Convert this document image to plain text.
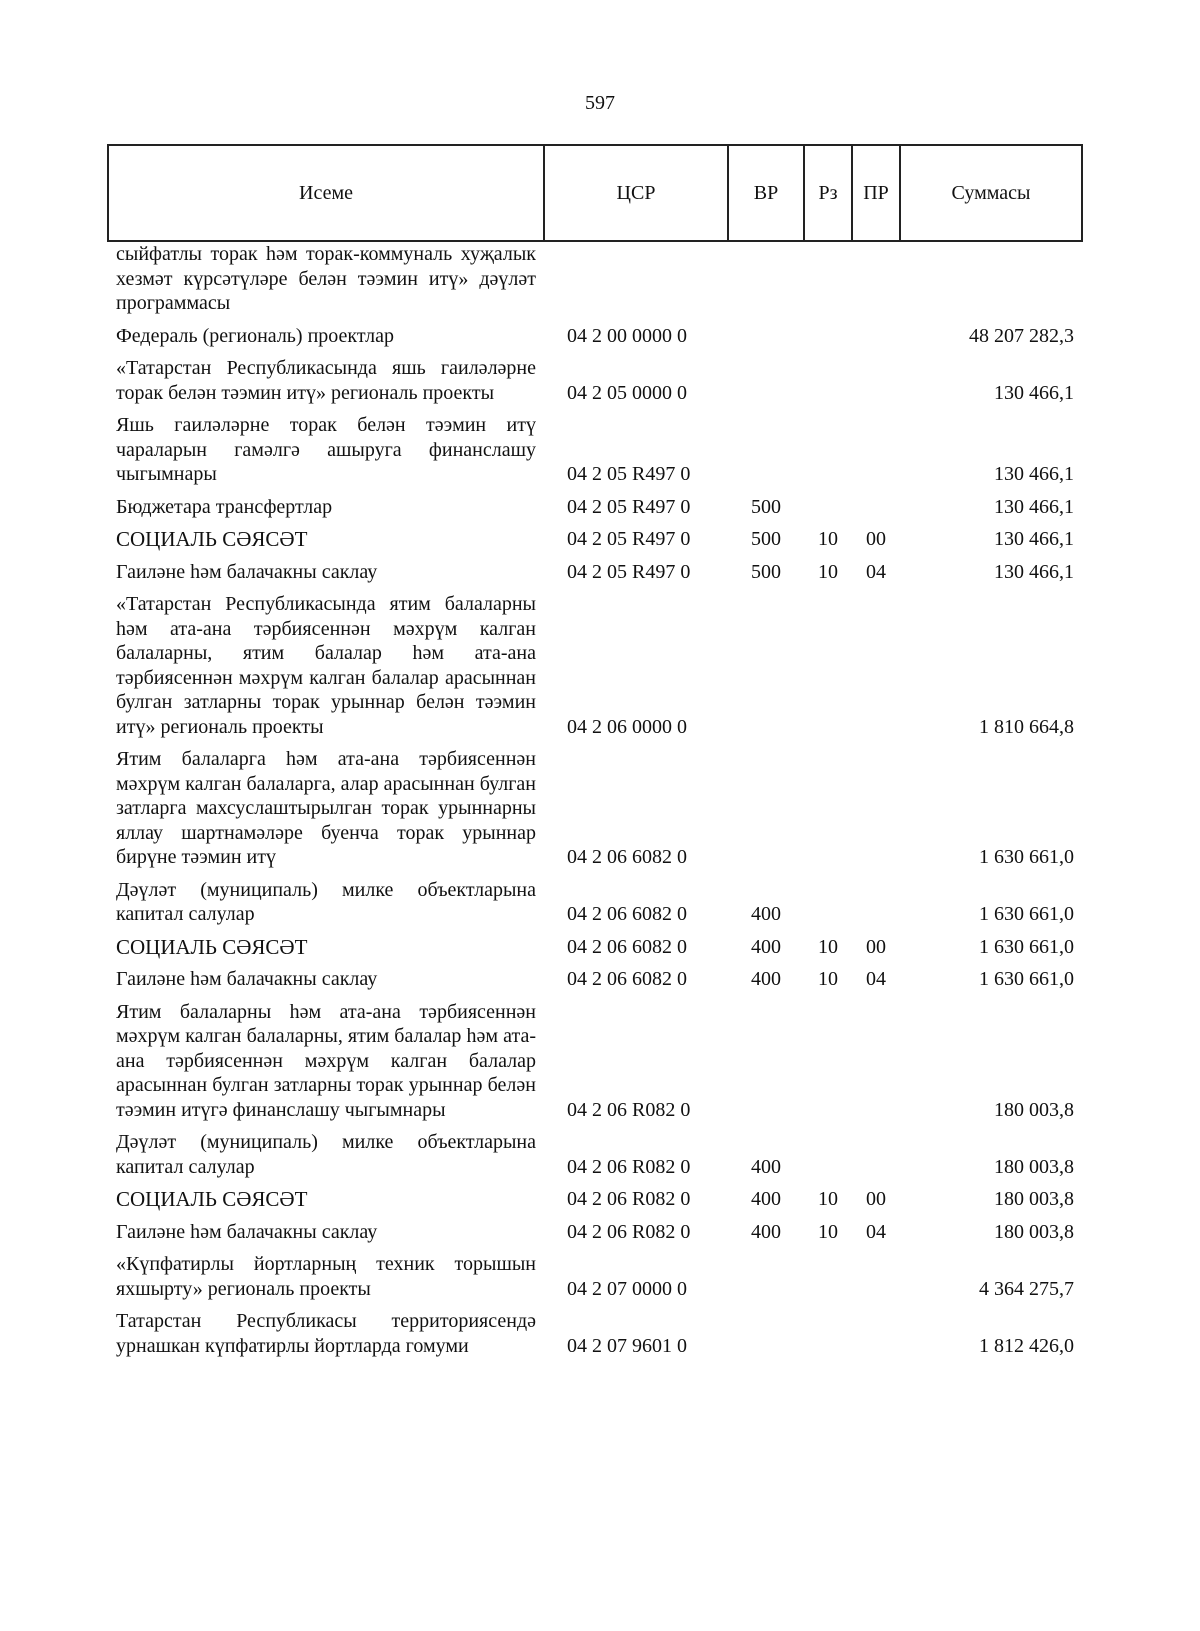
597
Исеме	ЦСР	ВР	Рз	ПР	Суммасы
сыйфатлы торак һәм торак-коммуналь хуҗалык хезмәт күрсәтүләре белән тәэмин итү» дәүләт программасы					
Федераль (региональ) проектлар	04 2 00 0000 0				48 207 282,3
«Татарстан Республикасында яшь гаиләләрне торак белән тәэмин итү» региональ проекты	04 2 05 0000 0				130 466,1
Яшь гаиләләрне торак белән тәэмин итү чараларын гамәлгә ашыруга финанслашу чыгымнары	04 2 05 R497 0				130 466,1
Бюджетара трансфертлар	04 2 05 R497 0	500			130 466,1
СОЦИАЛЬ СӘЯСӘТ	04 2 05 R497 0	500	10	00	130 466,1
Гаиләне һәм балачакны саклау	04 2 05 R497 0	500	10	04	130 466,1
«Татарстан Республикасында ятим балаларны һәм ата-ана тәрбиясеннән мәхрүм калган балаларны, ятим балалар һәм ата-ана тәрбиясеннән мәхрүм калган балалар арасыннан булган затларны торак урыннар белән тәэмин итү» региональ проекты	04 2 06 0000 0				1 810 664,8
Ятим балаларга һәм ата-ана тәрбиясеннән мәхрүм калган балаларга, алар арасыннан булган затларга махсуслаштырылган торак урыннарны яллау шартнамәләре буенча торак урыннар бирүне тәэмин итү	04 2 06 6082 0				1 630 661,0
Дәүләт (муниципаль) милке объектларына капитал салулар	04 2 06 6082 0	400			1 630 661,0
СОЦИАЛЬ СӘЯСӘТ	04 2 06 6082 0	400	10	00	1 630 661,0
Гаиләне һәм балачакны саклау	04 2 06 6082 0	400	10	04	1 630 661,0
Ятим балаларны һәм ата-ана тәрбиясеннән мәхрүм калган балаларны, ятим балалар һәм ата-ана тәрбиясеннән мәхрүм калган балалар арасыннан булган затларны торак урыннар белән тәэмин итүгә финанслашу чыгымнары	04 2 06 R082 0				180 003,8
Дәүләт (муниципаль) милке объектларына капитал салулар	04 2 06 R082 0	400			180 003,8
СОЦИАЛЬ СӘЯСӘТ	04 2 06 R082 0	400	10	00	180 003,8
Гаиләне һәм балачакны саклау	04 2 06 R082 0	400	10	04	180 003,8
«Күпфатирлы йортларның техник торышын яхшырту» региональ проекты	04 2 07 0000 0				4 364 275,7
Татарстан Республикасы территориясендә урнашкан күпфатирлы йортларда гомуми	04 2 07 9601 0				1 812 426,0
